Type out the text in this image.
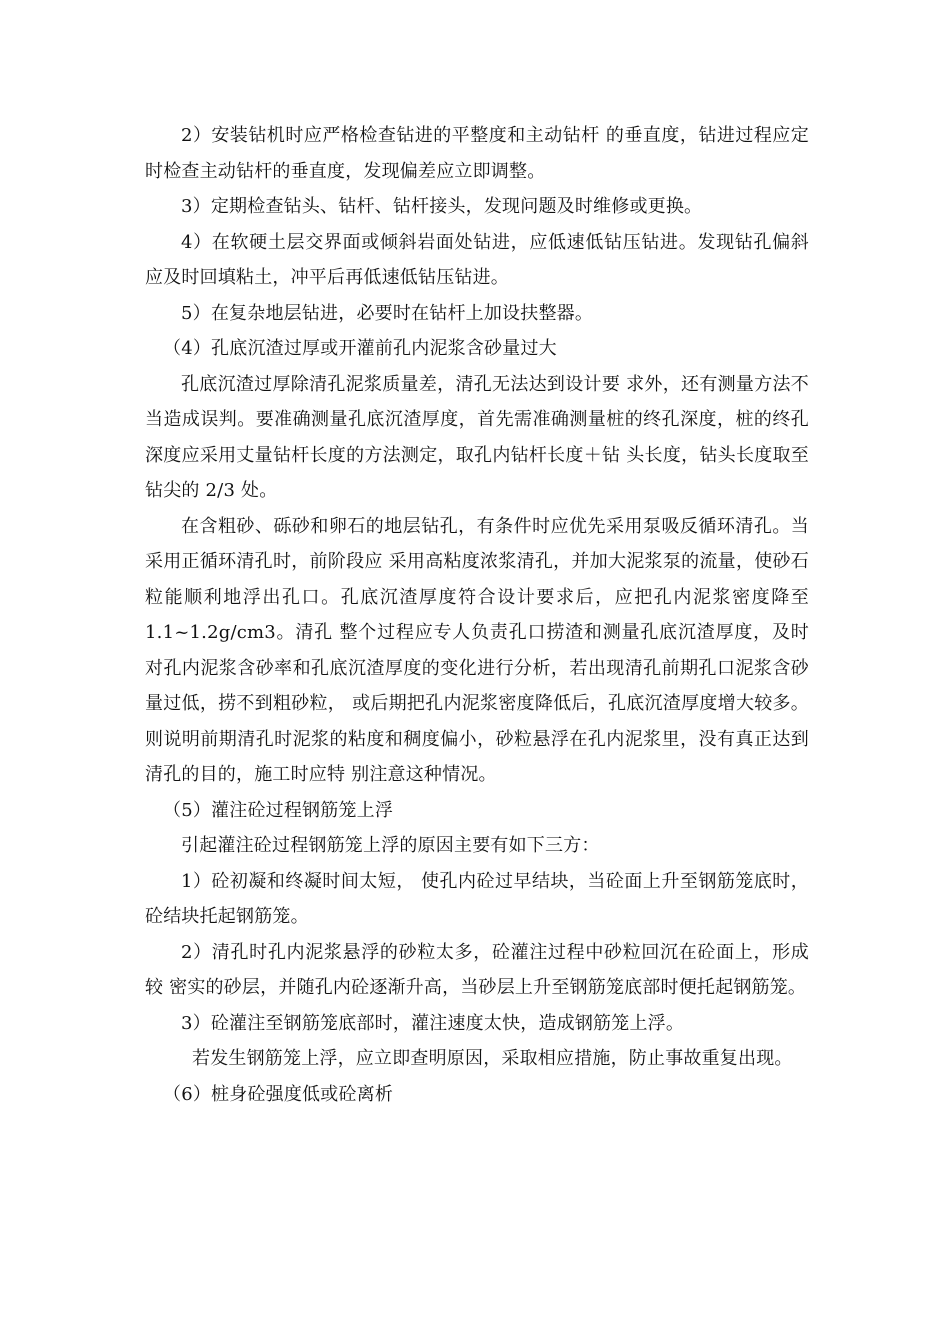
2）安装钻机时应严格检查钻进的平整度和主动钻杆 的垂直度，钻进过程应定时检查主动钻杆的垂直度，发现偏差应立即调整。

3）定期检查钻头、钻杆、钻杆接头，发现问题及时维修或更换。

4）在软硬土层交界面或倾斜岩面处钻进，应低速低钻压钻进。发现钻孔偏斜应及时回填粘土，冲平后再低速低钻压钻进。

5）在复杂地层钻进，必要时在钻杆上加设扶整器。

（4）孔底沉渣过厚或开灌前孔内泥浆含砂量过大

孔底沉渣过厚除清孔泥浆质量差，清孔无法达到设计要 求外，还有测量方法不当造成误判。要准确测量孔底沉渣厚度，首先需准确测量桩的终孔深度，桩的终孔深度应采用丈量钻杆长度的方法测定，取孔内钻杆长度＋钻 头长度，钻头长度取至钻尖的 2/3 处。

在含粗砂、砾砂和卵石的地层钻孔，有条件时应优先采用泵吸反循环清孔。当采用正循环清孔时，前阶段应 采用高粘度浓浆清孔，并加大泥浆泵的流量，使砂石粒能顺利地浮出孔口。孔底沉渣厚度符合设计要求后，应把孔内泥浆密度降至 1.1~1.2g/cm3。清孔 整个过程应专人负责孔口捞渣和测量孔底沉渣厚度，及时对孔内泥浆含砂率和孔底沉渣厚度的变化进行分析，若出现清孔前期孔口泥浆含砂量过低，捞不到粗砂粒， 或后期把孔内泥浆密度降低后，孔底沉渣厚度增大较多。则说明前期清孔时泥浆的粘度和稠度偏小，砂粒悬浮在孔内泥浆里，没有真正达到清孔的目的，施工时应特 别注意这种情况。

（5）灌注砼过程钢筋笼上浮

引起灌注砼过程钢筋笼上浮的原因主要有如下三方：

1）砼初凝和终凝时间太短， 使孔内砼过早结块，当砼面上升至钢筋笼底时，砼结块托起钢筋笼。

2）清孔时孔内泥浆悬浮的砂粒太多，砼灌注过程中砂粒回沉在砼面上，形成较 密实的砂层，并随孔内砼逐渐升高，当砂层上升至钢筋笼底部时便托起钢筋笼。

3）砼灌注至钢筋笼底部时，灌注速度太快，造成钢筋笼上浮。

若发生钢筋笼上浮，应立即查明原因，采取相应措施，防止事故重复出现。

（6）桩身砼强度低或砼离析
